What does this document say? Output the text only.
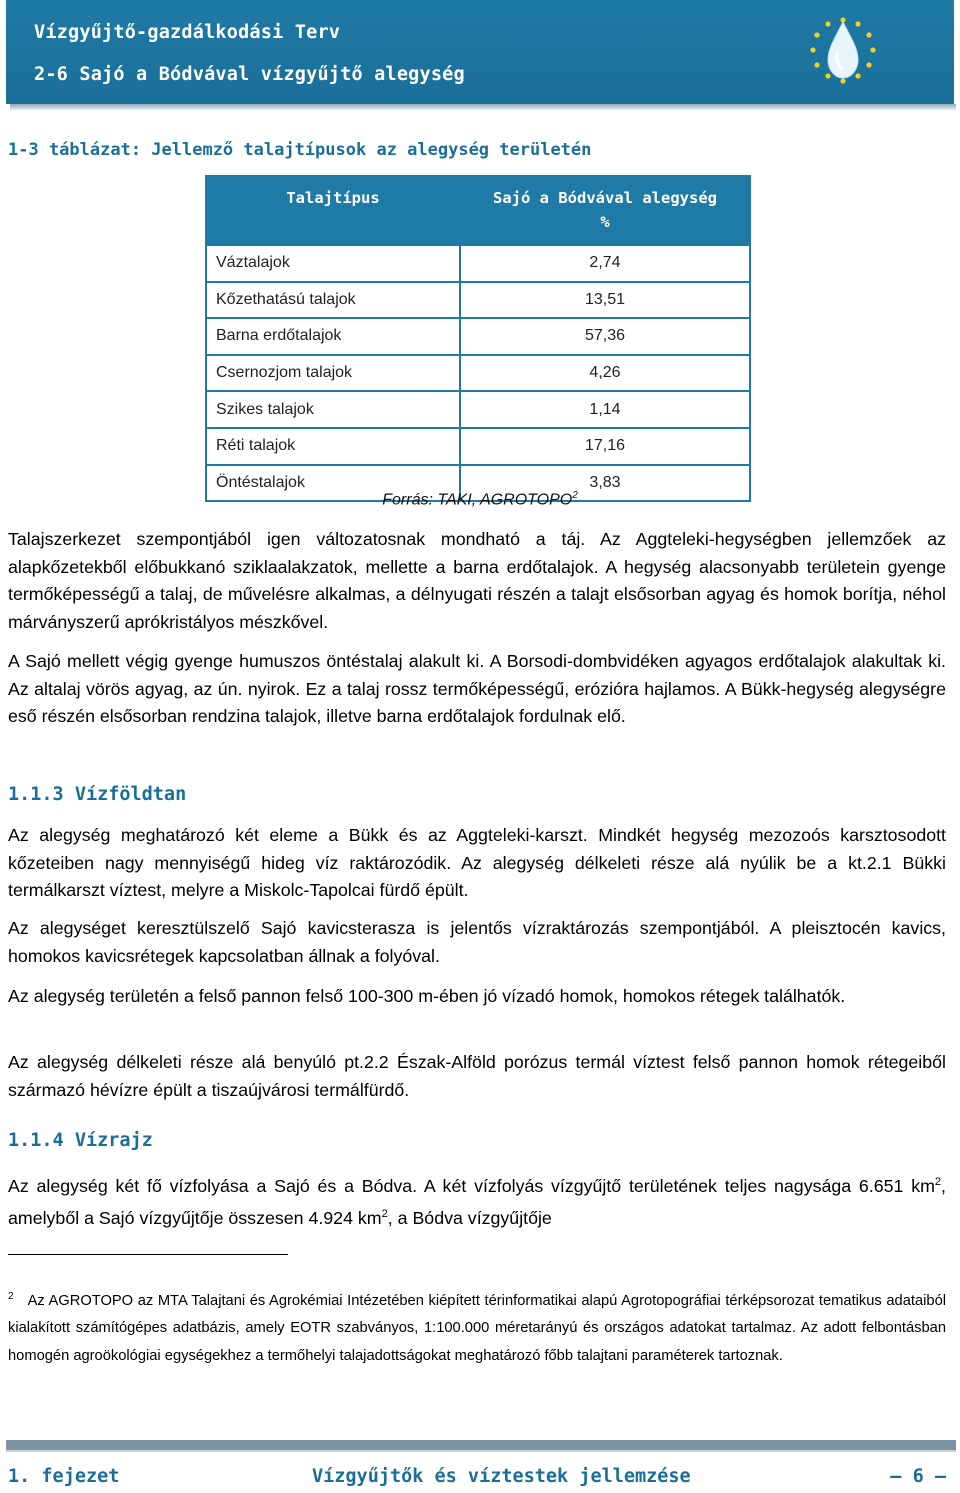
Vízgyűjtő-gazdálkodási Terv
2-6 Sajó a Bódvával vízgyűjtő alegység
1-3 táblázat: Jellemző talajtípusok az alegység területén
Talajtípus	Sajó a Bódvával alegység
%
Váztalajok	2,74
Kőzethatású talajok	13,51
Barna erdőtalajok	57,36
Csernozjom talajok	4,26
Szikes talajok	1,14
Réti talajok	17,16
Öntéstalajok	3,83
Forrás: TAKI, AGROTOPO$^2$
Talajszerkezet szempontjából igen változatosnak mondható a táj. Az Aggteleki-hegységben jellemzőek az alapkőzetekből előbukkanó sziklaalakzatok, mellette a barna erdőtalajok. A hegység alacsonyabb területein gyenge termőképességű a talaj, de művelésre alkalmas, a délnyugati részén a talajt elsősorban agyag és homok borítja, néhol márványszerű aprókristályos mészkővel.
A Sajó mellett végig gyenge humuszos öntéstalaj alakult ki. A Borsodi-dombvidéken agyagos erdőtalajok alakultak ki. Az altalaj vörös agyag, az ún. nyirok. Ez a talaj rossz termőképességű, erózióra hajlamos. A Bükk-hegység alegységre eső részén elsősorban rendzina talajok, illetve barna erdőtalajok fordulnak elő.
1.1.3 Vízföldtan
Az alegység meghatározó két eleme a Bükk és az Aggteleki-karszt. Mindkét hegység mezozoós karsztosodott kőzeteiben nagy mennyiségű hideg víz raktározódik. Az alegység délkeleti része alá nyúlik be a kt.2.1 Bükki termálkarszt víztest, melyre a Miskolc-Tapolcai fürdő épült.
Az alegységet keresztülszelő Sajó kavicsterasza is jelentős vízraktározás szempontjából. A pleisztocén kavics, homokos kavicsrétegek kapcsolatban állnak a folyóval.
Az alegység területén a felső pannon felső 100-300 m-ében jó vízadó homok, homokos rétegek találhatók.
Az alegység délkeleti része alá benyúló pt.2.2 Észak-Alföld porózus termál víztest felső pannon homok rétegeiből származó hévízre épült a tiszaújvárosi termálfürdő.
1.1.4 Vízrajz
Az alegység két fő vízfolyása a Sajó és a Bódva. A két vízfolyás vízgyűjtő területének teljes nagysága 6.651 $km^2$, amelyből a Sajó vízgyűjtője összesen 4.924 $km^2$, a Bódva vízgyűjtője
$^2$ Az AGROTOPO az MTA Talajtani és Agrokémiai Intézetében kiépített térinformatikai alapú Agrotopográfiai térképsorozat tematikus adataiból kialakított számítógépes adatbázis, amely EOTR szabványos, 1:100.000 méretarányú és országos adatokat tartalmaz. Az adott felbontásban homogén agroökológiai egységekhez a termőhelyi talajadottságokat meghatározó főbb talajtani paraméterek tartoznak.
1. fejezet	Vízgyűjtők és víztestek jellemzése	– 6 –
